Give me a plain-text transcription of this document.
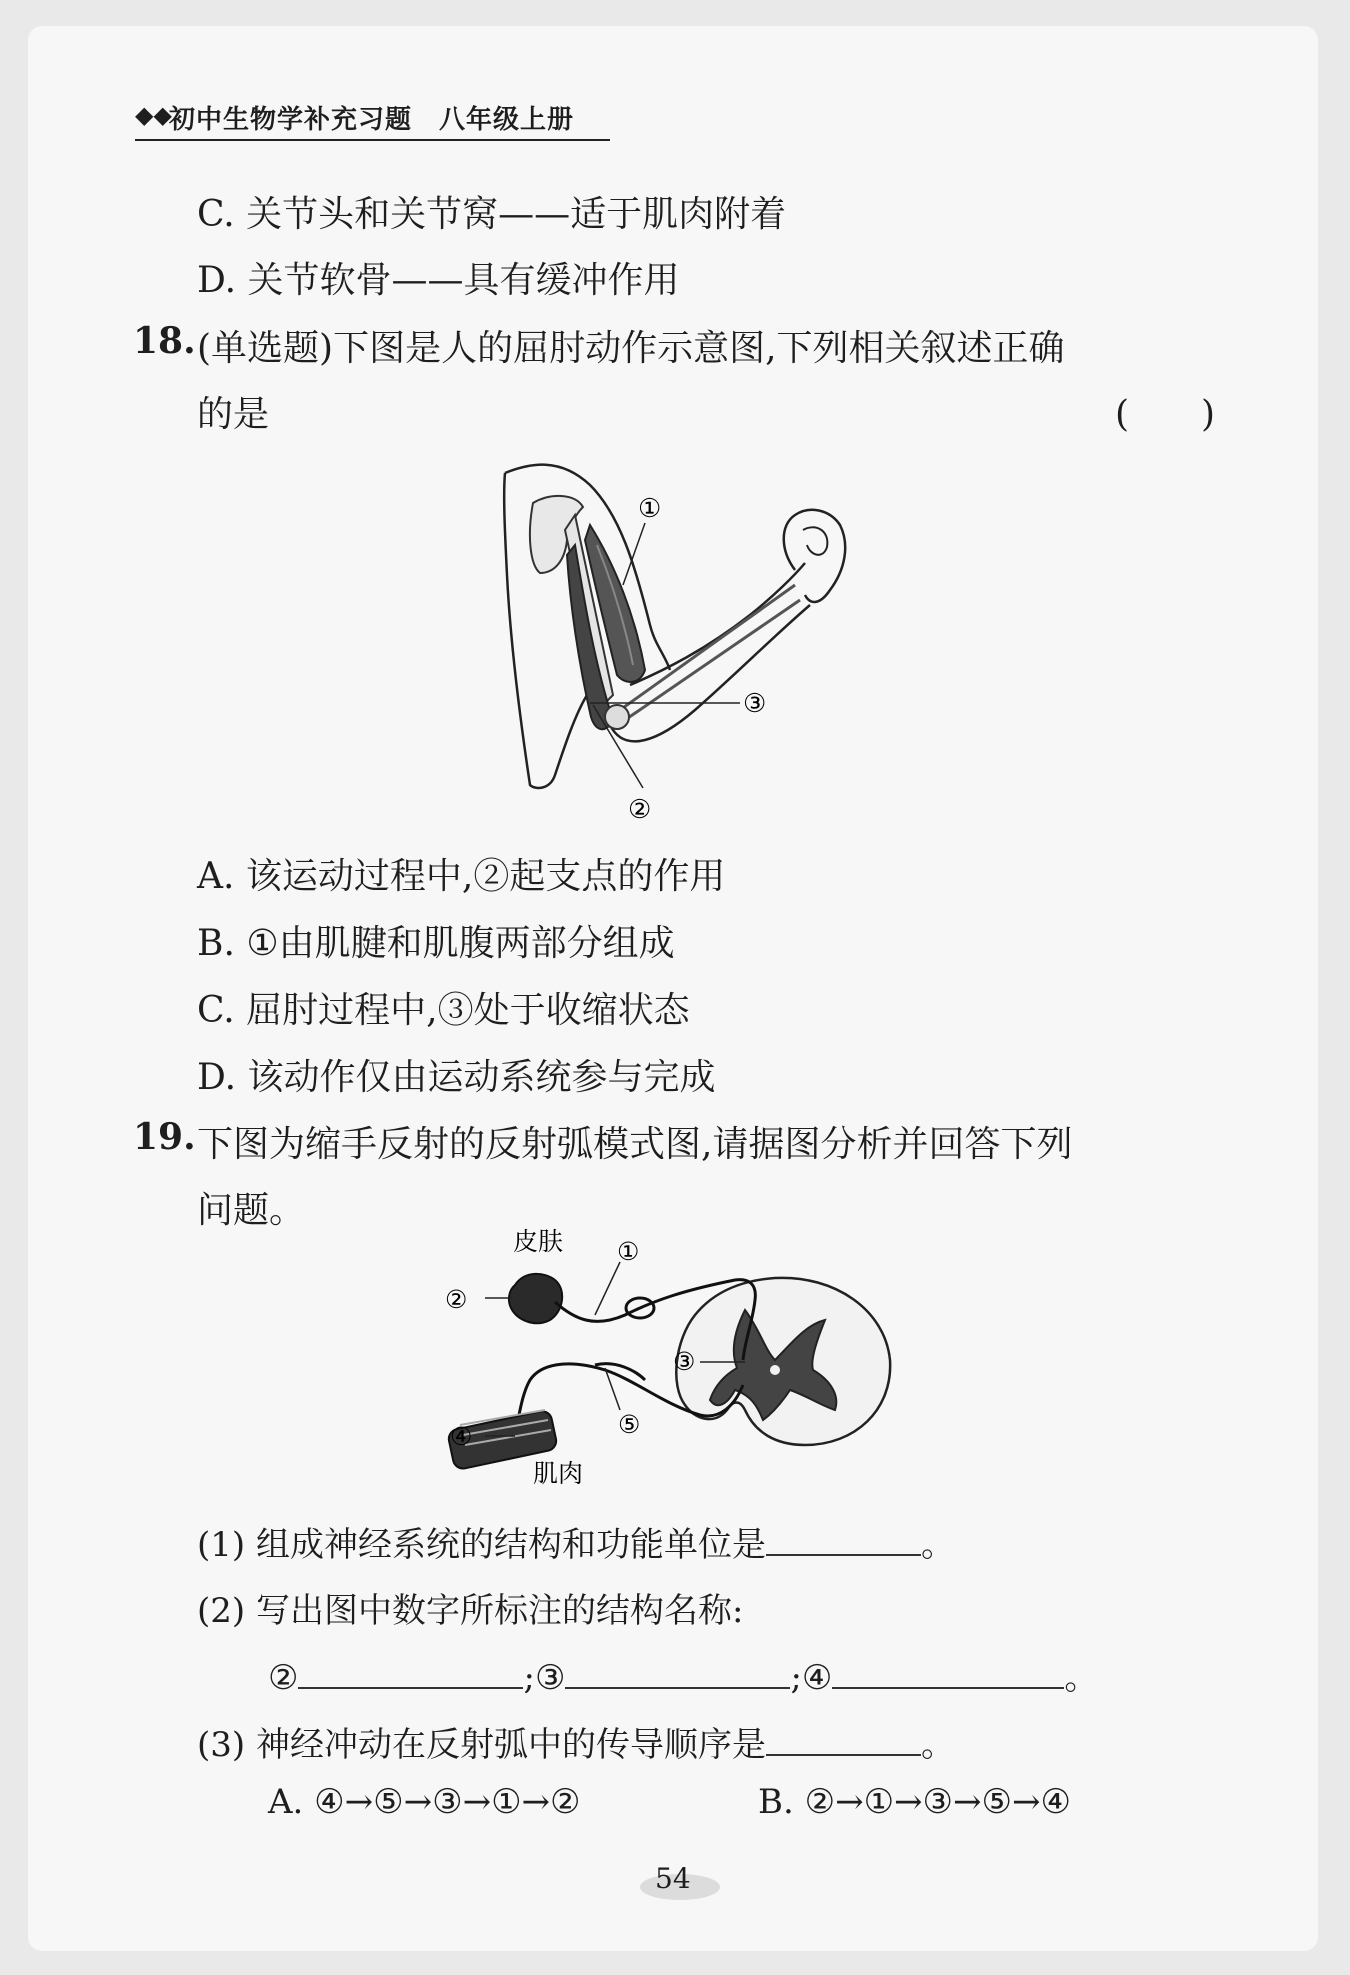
◆◆
初中生物学补充习题　八年级上册
C. 关节头和关节窝——适于肌肉附着
D. 关节软骨——具有缓冲作用
18. (单选题)下图是人的屈肘动作示意图,下列相关叙述正确
的是	(　　)
①
③
②
A. 该运动过程中,②起支点的作用
B. ①由肌腱和肌腹两部分组成
C. 屈肘过程中,③处于收缩状态
D. 该动作仅由运动系统参与完成
19. 下图为缩手反射的反射弧模式图,请据图分析并回答下列
问题。
皮肤
肌肉
②
①
③
④	⑤
(1) 组成神经系统的结构和功能单位是	。
(2) 写出图中数字所标注的结构名称:
②	;③	;④	。
(3) 神经冲动在反射弧中的传导顺序是	。
A. ④→⑤→③→①→②	B. ②→①→③→⑤→④
54
